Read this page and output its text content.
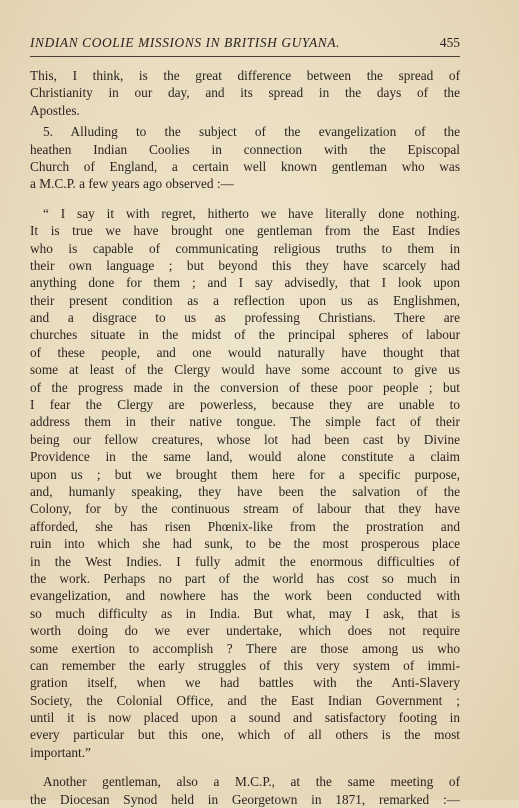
INDIAN COOLIE MISSIONS IN BRITISH GUYANA.	455
This, I think, is the great difference between the spread of
Christianity in our day, and its spread in the days of the
Apostles.
5. Alluding to the subject of the evangelization of the
heathen Indian Coolies in connection with the Episcopal
Church of England, a certain well known gentleman who was
a M.C.P. a few years ago observed :—
“ I say it with regret, hitherto we have literally done nothing.
It is true we have brought one gentleman from the East Indies
who is capable of communicating religious truths to them in
their own language ; but beyond this they have scarcely had
anything done for them ; and I say advisedly, that I look upon
their present condition as a reflection upon us as Englishmen,
and a disgrace to us as professing Christians. There are
churches situate in the midst of the principal spheres of labour
of these people, and one would naturally have thought that
some at least of the Clergy would have some account to give us
of the progress made in the conversion of these poor people ; but
I fear the Clergy are powerless, because they are unable to
address them in their native tongue. The simple fact of their
being our fellow creatures, whose lot had been cast by Divine
Providence in the same land, would alone constitute a claim
upon us ; but we brought them here for a specific purpose,
and, humanly speaking, they have been the salvation of the
Colony, for by the continuous stream of labour that they have
afforded, she has risen Phœnix-like from the prostration and
ruin into which she had sunk, to be the most prosperous place
in the West Indies. I fully admit the enormous difficulties of
the work. Perhaps no part of the world has cost so much in
evangelization, and nowhere has the work been conducted with
so much difficulty as in India. But what, may I ask, that is
worth doing do we ever undertake, which does not require
some exertion to accomplish ? There are those among us who
can remember the early struggles of this very system of immi-
gration itself, when we had battles with the Anti-Slavery
Society, the Colonial Office, and the East Indian Government ;
until it is now placed upon a sound and satisfactory footing in
every particular but this one, which of all others is the most
important.”
Another gentleman, also a M.C.P., at the same meeting of
the Diocesan Synod held in Georgetown in 1871, remarked :—
